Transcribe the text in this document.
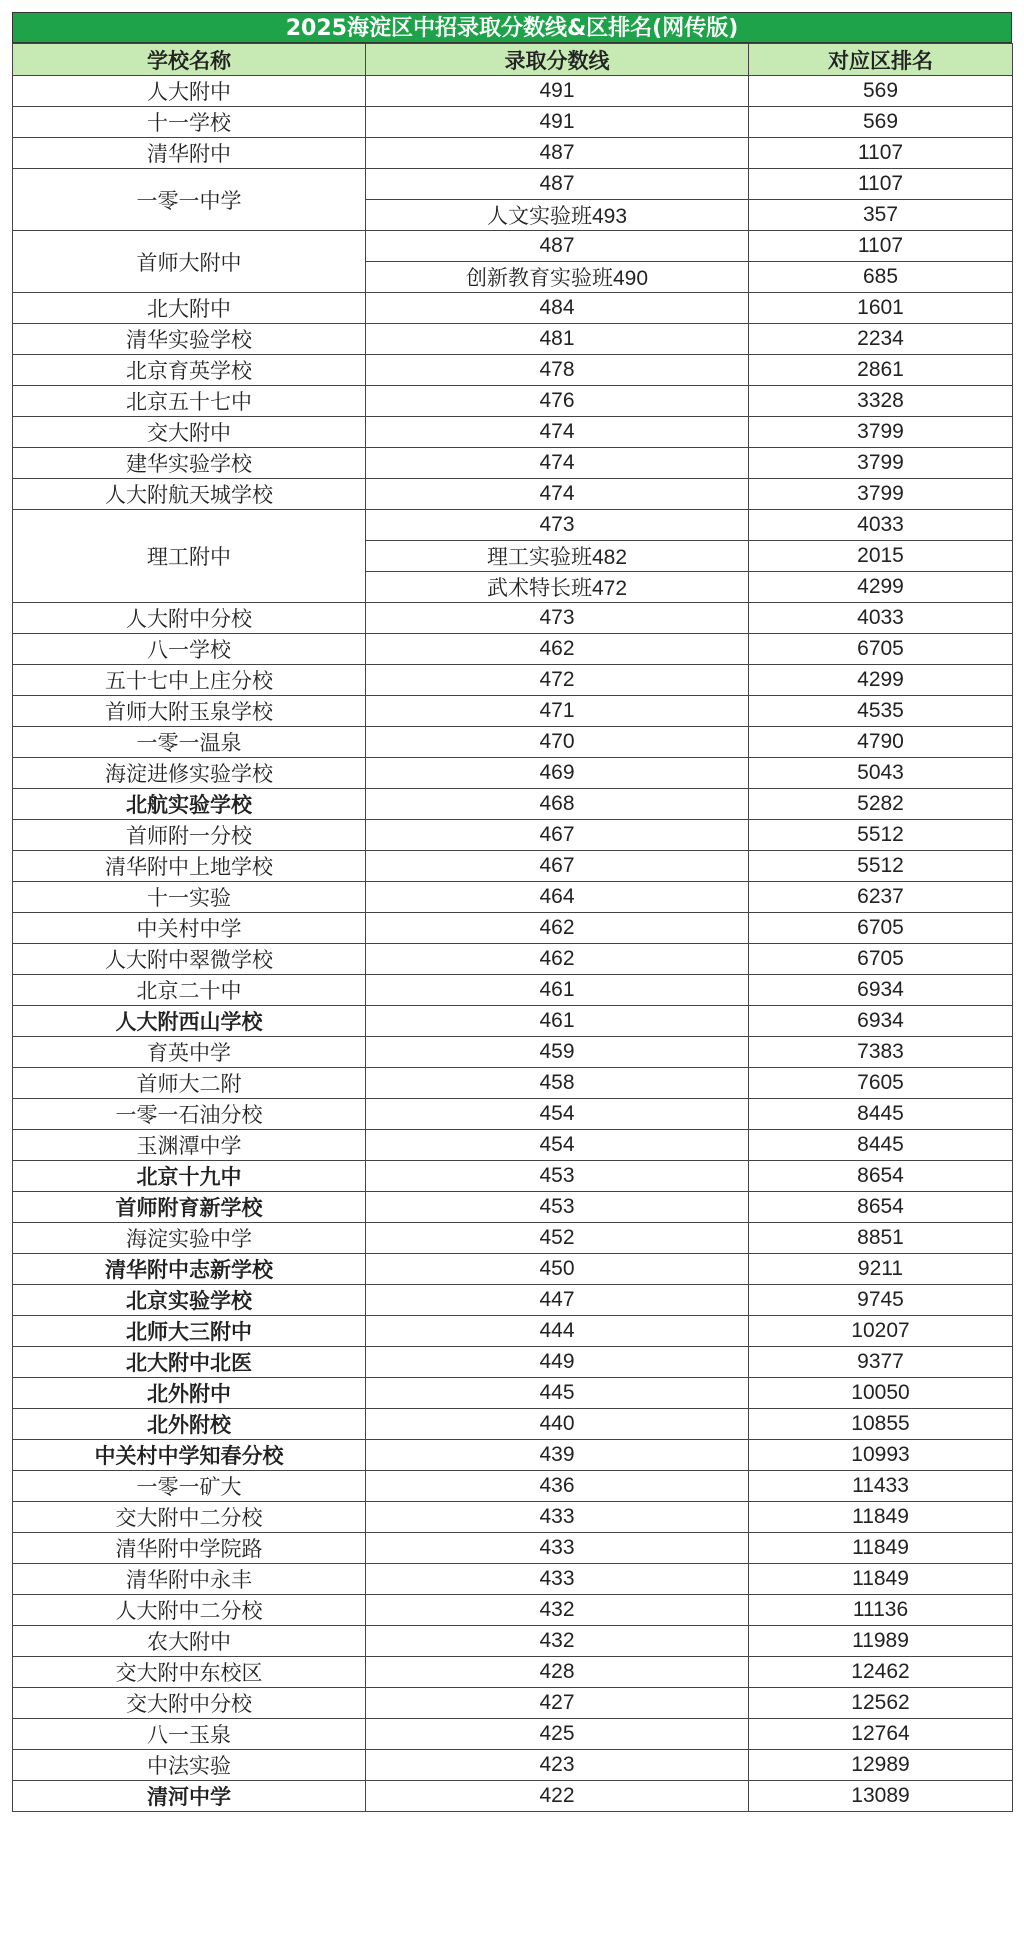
2025海淀区中招录取分数线&区排名(网传版)
学校名称	录取分数线	对应区排名
人大附中	491	569
十一学校	491	569
清华附中	487	1107
一零一中学	487	1107
	人文实验班493	357
首师大附中	487	1107
	创新教育实验班490	685
北大附中	484	1601
清华实验学校	481	2234
北京育英学校	478	2861
北京五十七中	476	3328
交大附中	474	3799
建华实验学校	474	3799
人大附航天城学校	474	3799
理工附中	473	4033
	理工实验班482	2015
	武术特长班472	4299
人大附中分校	473	4033
八一学校	462	6705
五十七中上庄分校	472	4299
首师大附玉泉学校	471	4535
一零一温泉	470	4790
海淀进修实验学校	469	5043
北航实验学校	468	5282
首师附一分校	467	5512
清华附中上地学校	467	5512
十一实验	464	6237
中关村中学	462	6705
人大附中翠微学校	462	6705
北京二十中	461	6934
人大附西山学校	461	6934
育英中学	459	7383
首师大二附	458	7605
一零一石油分校	454	8445
玉渊潭中学	454	8445
北京十九中	453	8654
首师附育新学校	453	8654
海淀实验中学	452	8851
清华附中志新学校	450	9211
北京实验学校	447	9745
北师大三附中	444	10207
北大附中北医	449	9377
北外附中	445	10050
北外附校	440	10855
中关村中学知春分校	439	10993
一零一矿大	436	11433
交大附中二分校	433	11849
清华附中学院路	433	11849
清华附中永丰	433	11849
人大附中二分校	432	11136
农大附中	432	11989
交大附中东校区	428	12462
交大附中分校	427	12562
八一玉泉	425	12764
中法实验	423	12989
清河中学	422	13089
